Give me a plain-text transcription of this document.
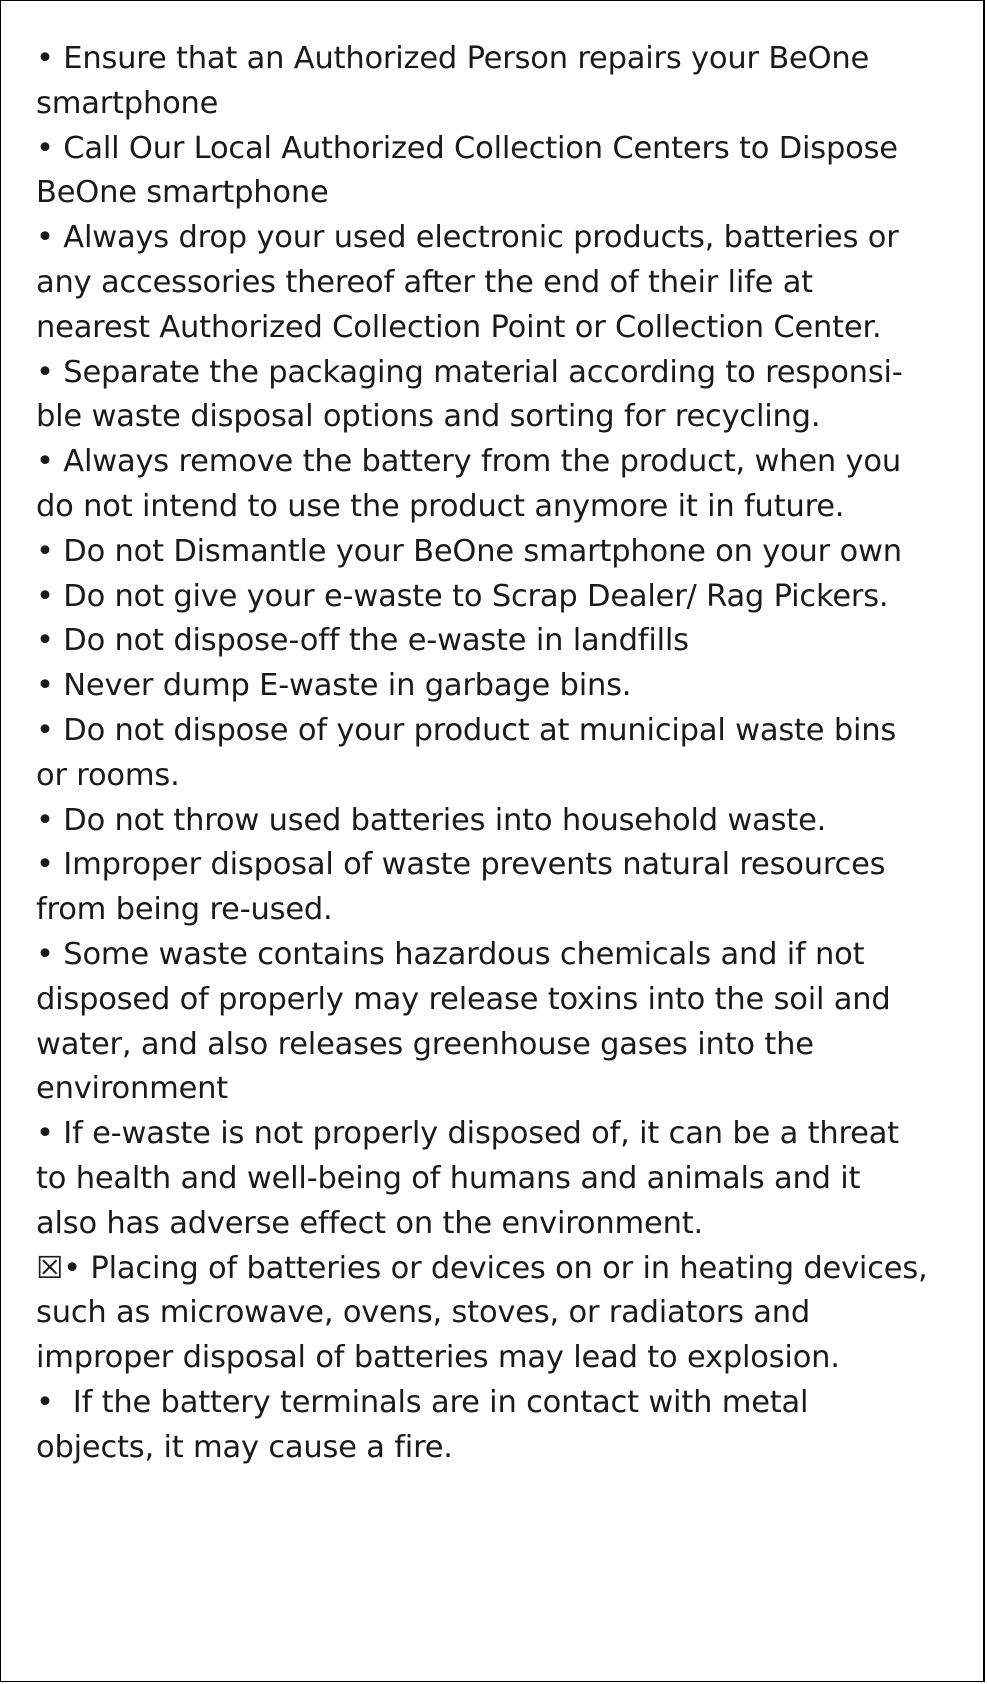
• Ensure that an Authorized Person repairs your BeOne
smartphone
• Call Our Local Authorized Collection Centers to Dispose
BeOne smartphone
• Always drop your used electronic products, batteries or
any accessories thereof after the end of their life at
nearest Authorized Collection Point or Collection Center.
• Separate the packaging material according to responsi-
ble waste disposal options and sorting for recycling.
• Always remove the battery from the product, when you
do not intend to use the product anymore it in future.
• Do not Dismantle your BeOne smartphone on your own
• Do not give your e-waste to Scrap Dealer/ Rag Pickers.
• Do not dispose-off the e-waste in landfills
• Never dump E-waste in garbage bins.
• Do not dispose of your product at municipal waste bins
or rooms.
• Do not throw used batteries into household waste.
• Improper disposal of waste prevents natural resources
from being re-used.
• Some waste contains hazardous chemicals and if not
disposed of properly may release toxins into the soil and
water, and also releases greenhouse gases into the
environment
• If e-waste is not properly disposed of, it can be a threat
to health and well-being of humans and animals and it
also has adverse effect on the environment.
☒• Placing of batteries or devices on or in heating devices,
such as microwave, ovens, stoves, or radiators and
improper disposal of batteries may lead to explosion.
•  If the battery terminals are in contact with metal
objects, it may cause a fire.
